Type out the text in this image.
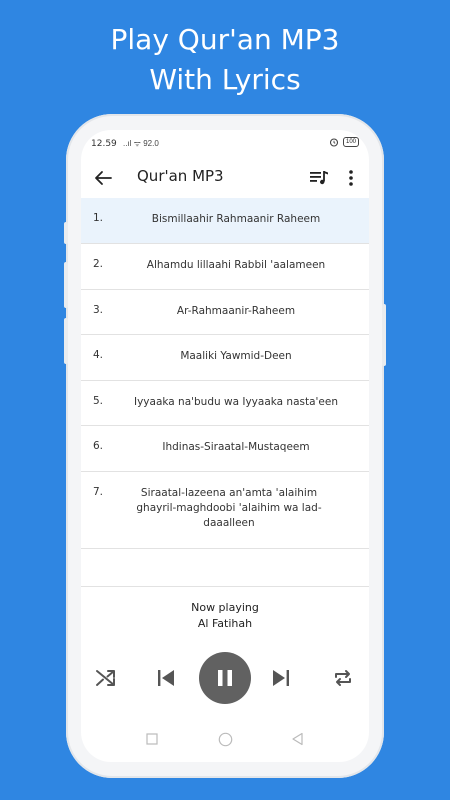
Play Qur'an MP3
With Lyrics
12.59 ..ıl ᯤ 92.0	100
Qur'an MP3
1.	Bismillaahir Rahmaanir Raheem
2.	Alhamdu lillaahi Rabbil 'aalameen
3.	Ar-Rahmaanir-Raheem
4.	Maaliki Yawmid-Deen
5.	Iyyaaka na'budu wa Iyyaaka nasta'een
6.	Ihdinas-Siraatal-Mustaqeem
7.	Siraatal-lazeena an'amta 'alaihim ghayril-maghdoobi 'alaihim wa lad-daaalleen
Now playing
Al Fatihah
